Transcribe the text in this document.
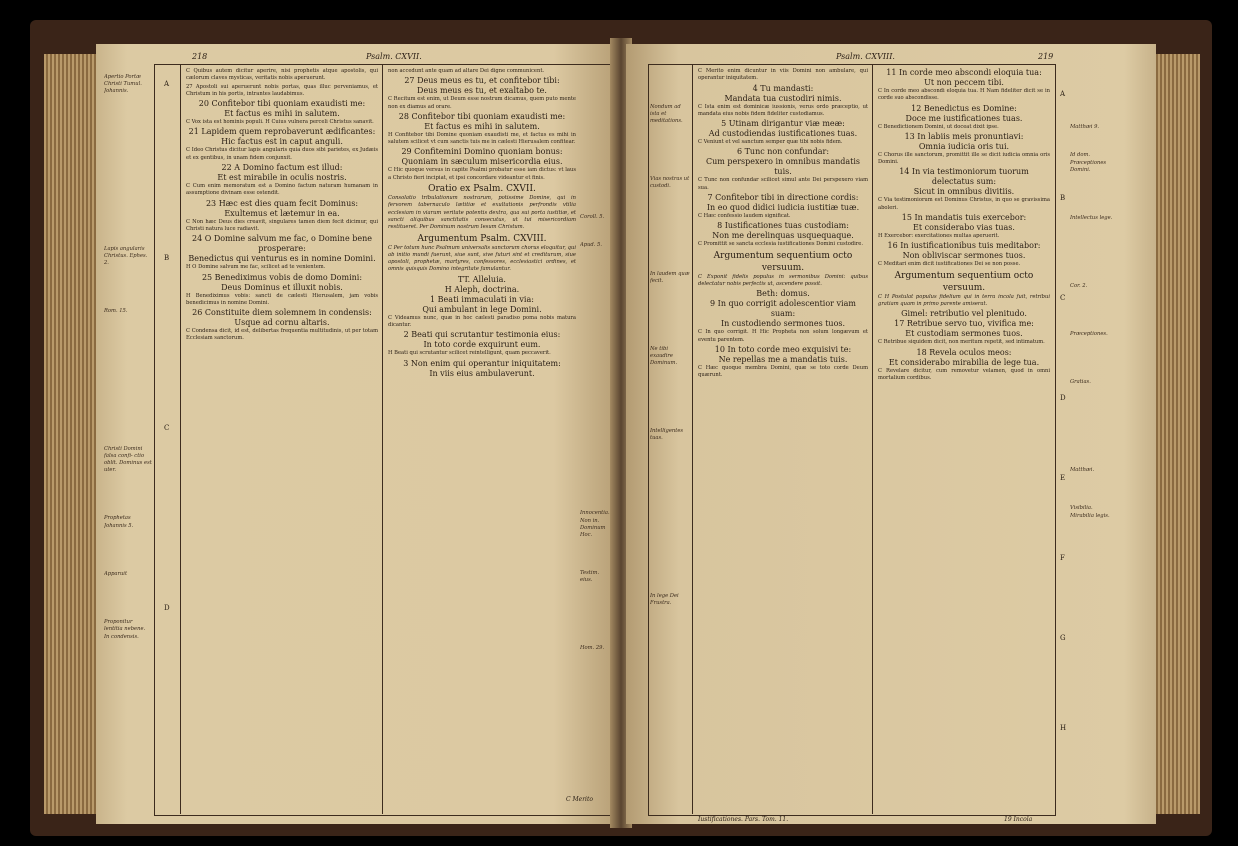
218	Psalm. CXVII.

Apertio Portæ Christi Tumul. Johannis.

Lapis angularis Christus. Ephes. 2.

Rom. 15.

Christi Domini falsa confi- ctio oblit. Dominus est uter.

Prophetas

Johannis 5.

Apparuit

Proponitur lentitia nebene.

In condensis.

A
B
C
D

C Quibus autem dicitur aperire, nisi prophetis atque apostolis, qui cælorum claves mysticas, veritatis nobis aperuerunt.

27 Apostoli sui aperuerunt nobis portas, quas illuc perveniamus, et Christum in his portis, intrantes laudabimus.

20 Confitebor tibi quoniam exaudisti me:
Et factus es mihi in salutem.

C Vox ista est hominis populi. H Cuius vulnera perceli Christus sanavit.

21 Lapidem quem reprobaverunt ædificantes:
Hic factus est in caput anguli.

C Ideo Christus dicitur lapis angularis quia duos sibi parietes, ex Judæis et ex gentibus, in unam fidem conjunxit.

22 A Domino factum est illud:
Et est mirabile in oculis nostris.

C Cum enim memoratum est a Domino factum naturam humanam in assumptione divinam esse ostendit.

23 Hæc est dies quam fecit Dominus:
Exultemus et lætemur in ea.

C Non hæc Deus dies creavit, singulares tamen diem fecit dicimur, qui Christi natura luce radiavit.

24 O Domine salvum me fac, o Domine bene prosperare:
Benedictus qui venturus es in nomine Domini.

H O Domine salvum me fac, scilicet ad te venientem.

25 Benediximus vobis de domo Domini:
Deus Dominus et illuxit nobis.

H Benediximus vobis: sancti de cælesti Hierusalem, jam vobis benedicimus in nomine Domini.

26 Constituite diem solemnem in condensis:
Usque ad cornu altaris.

C Condensa dicit, id est, delibertas frequentia multitudinis, ut per totam Ecclesiam sanctorum.

non accedunt ante quam ad altare Dei digne communicent.

27 Deus meus es tu, et confitebor tibi:
Deus meus es tu, et exaltabo te.

C Recitum est enim, ut Deum esse nostrum dicamus, quem puto mente non ex diamus ad orare.

28 Confitebor tibi quoniam exaudisti me:
Et factus es mihi in salutem.

H Confitebor tibi Domine quoniam exaudisti me, et factus es mihi in salutem scilicet vt cum sanctis tuis me in cælesti Hierusalem confitear.

29 Confitemini Domino quoniam bonus:
Quoniam in sæculum misericordia eius.

C Hic quoque versus in capite Psalmi probatur esse iam dictus: vt laus a Christo fieri incipiat, et ipsi concordare videantur et finis.

Oratio ex Psalm. CXVII.

Consolatio tribulationum nostrarum, potissime Domine, qui in fervorem tabernaculo lætitiæ et exultationis perfrondis vtilia ecclesiam in viarum veritate potentis dextra, qua sui porta iustitiæ, et sancti aliquibus sanctitatis consecutus, ut tui misericordiam restitueret. Per Dominum nostrum Iesum Christum.

Argumentum Psalm. CXVIII.

C Per totum hunc Psalmum universalis sanctorum chorus eloquitur, qui ab initio mundi fuerunt, siue sunt, sive futuri sint et crediturum, siue apostoli, prophetæ, martyres, confessores, ecclesiastici ordines, et omnis quisquis Domino integritate famulantur.

TT. Alleluia.
H Aleph, doctrina.
1 Beati immaculati in via:
Qui ambulant in lege Domini.

C Videamus nunc, quæ in hoc cælesti paradiso poma nobis matura dicantur.

2 Beati qui scrutantur testimonia eius:
In toto corde exquirunt eum.

H Beati qui scrutantur scilicet reintelligunt, quam peccaverit.

3 Non enim qui operantur iniquitatem:
In viis eius ambulaverunt.

Coroll. 5.

Apud. 5.

Innocentia.

Non in. Dominum Hoc.

Testim. eius.

Hom. 29.

C Merito
Psalm. CXVIII.	219

Nondum ad ista et meditations.

Vias nostras ut custodi.

In laudem quæ fecit.

Ne tibi exaudire Dominum.

Intelligentes tuas.

In lege Dei Frustra.

C Merito enim dicuntur in viis Domini non ambulare, qui operantur iniquitatem.

4 Tu mandasti:
Mandata tua custodiri nimis.

C Ista enim est dominicæ iussionis, verus ordo præceptio, ut mandata eius nobis fidem fideliter custodiamus.

5 Utinam dirigantur viæ meæ:
Ad custodiendas iustificationes tuas.

C Veniunt et vel sanctum semper quæ tibi nobis fidem.

6 Tunc non confundar:
Cum perspexero in omnibus mandatis tuis.

C Tunc non confundar scilicet simul ante Dei perspexero viam sua.

7 Confitebor tibi in directione cordis:
In eo quod didici iudicia iustitiæ tuæ.

C Hæc confessio laudem significat.

8 Iustificationes tuas custodiam:
Non me derelinquas usquequaque.

C Promittit se sancta ecclesia iustificationes Domini custodire.

Argumentum sequentium octo versuum.

C Exponit fidelis populus in sermonibus Domini: quibus delectatur nobis perfectis ut, ascendere possit.

Beth: domus.
9 In quo corrigit adolescentior viam suam:
In custodiendo sermones tuos.

C In quo corrigit. H Hic Propheta non solum longævum et eventu parentem.

10 In toto corde meo exquisivi te:
Ne repellas me a mandatis tuis.

C Hæc quoque membra Domini, quæ se toto corde Deum quærunt.

11 In corde meo abscondi eloquia tua:
Ut non peccem tibi.

C In corde meo abscondi eloquia tua. H Nam fideliter dicit se in corde suo abscondisse.

12 Benedictus es Domine:
Doce me iustificationes tuas.

C Benedictionem Domini, ut doceat dixit ipse.

13 In labiis meis pronuntiavi:
Omnia iudicia oris tui.

C Chorus ille sanctorum, promittit ille se dicit iudicia omnia oris Domini.

14 In via testimoniorum tuorum delectatus sum:
Sicut in omnibus divitiis.

C Via testimoniorum est Dominus Christus, in quo se gravissima aboleri.

15 In mandatis tuis exercebor:
Et considerabo vias tuas.

H Exercebor: exercitationes multas aperuerit.

16 In iustificationibus tuis meditabor:
Non obliviscar sermones tuos.

C Meditari enim dicit iustificationes Dei se non posse.

Argumentum sequentium octo versuum.

C H Postulat populus fidelium qui in terra incola fuit, retribui gratiam quam in primo parente amiserat.

Gimel: retributio vel plenitudo.
17 Retribue servo tuo, vivifica me:
Et custodiam sermones tuos.

C Retribue siquidem dicit, non meritum repetit, sed intimatum.

18 Revela oculos meos:
Et considerabo mirabilia de lege tua.

C Revelare dicitur, cum removetur velamen, quod in omni mortalium cordibus.

A
B
C
D
E
F
G
H

Matthæi 9.

Id dom.

Præceptiones Domini.

Intellectus lege.

Cor. 2.

Præceptiones.

Gratias.

Matthæi.

Visibilia.

Mirabilia legis.

Iustificationes. Pars. Tom. 11.	19 Incola
